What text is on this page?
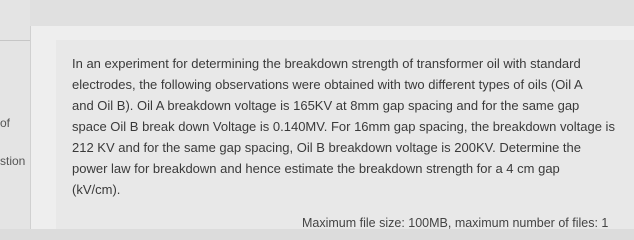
of
stion
In an experiment for determining the breakdown strength of transformer oil with standard
electrodes, the following observations were obtained with two different types of oils (Oil A
and Oil B). Oil A breakdown voltage is 165KV at 8mm gap spacing and for the same gap
space Oil B break down Voltage is 0.140MV. For 16mm gap spacing, the breakdown voltage is
212 KV and for the same gap spacing, Oil B breakdown voltage is 200KV. Determine the
power law for breakdown and hence estimate the breakdown strength for a 4 cm gap
(kV/cm).
Maximum file size: 100MB, maximum number of files: 1
